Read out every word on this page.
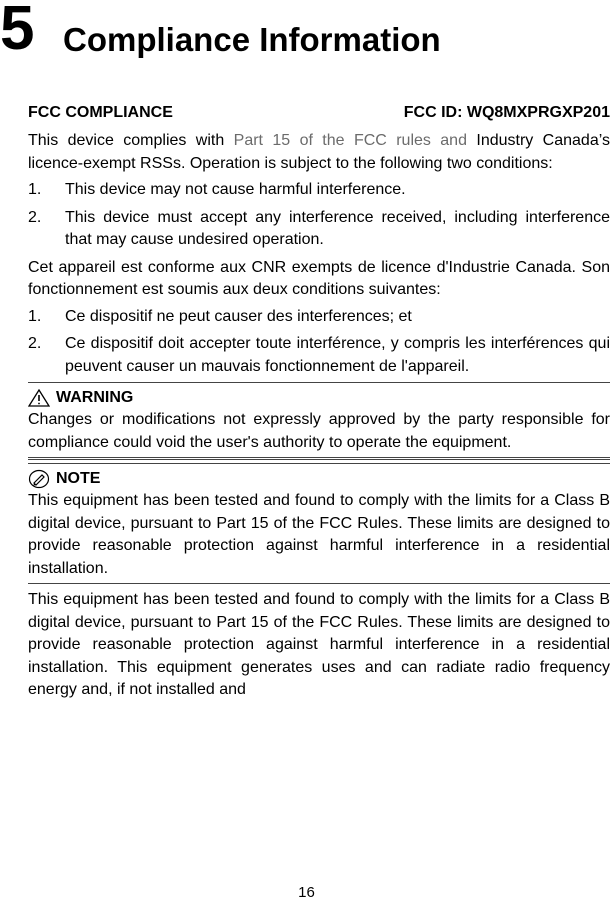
5 Compliance Information
FCC COMPLIANCE	FCC ID: WQ8MXPRGXP201

This device complies with Part 15 of the FCC rules and Industry Canada’s licence-exempt RSSs. Operation is subject to the following two conditions:

1.	This device may not cause harmful interference.
2.	This device must accept any interference received, including interference that may cause undesired operation.

Cet appareil est conforme aux CNR exempts de licence d'Industrie Canada. Son fonctionnement est soumis aux deux conditions suivantes:

1.	Ce dispositif ne peut causer des interferences; et
2.	Ce dispositif doit accepter toute interférence, y compris les interférences qui peuvent causer un mauvais fonctionnement de l'appareil.
WARNING

Changes or modifications not expressly approved by the party responsible for compliance could void the user's authority to operate the equipment.

NOTE

This equipment has been tested and found to comply with the limits for a Class B digital device, pursuant to Part 15 of the FCC Rules. These limits are designed to provide reasonable protection against harmful interference in a residential installation.

This equipment has been tested and found to comply with the limits for a Class B digital device, pursuant to Part 15 of the FCC Rules. These limits are designed to provide reasonable protection against harmful interference in a residential installation. This equipment generates uses and can radiate radio frequency energy and, if not installed and

16
